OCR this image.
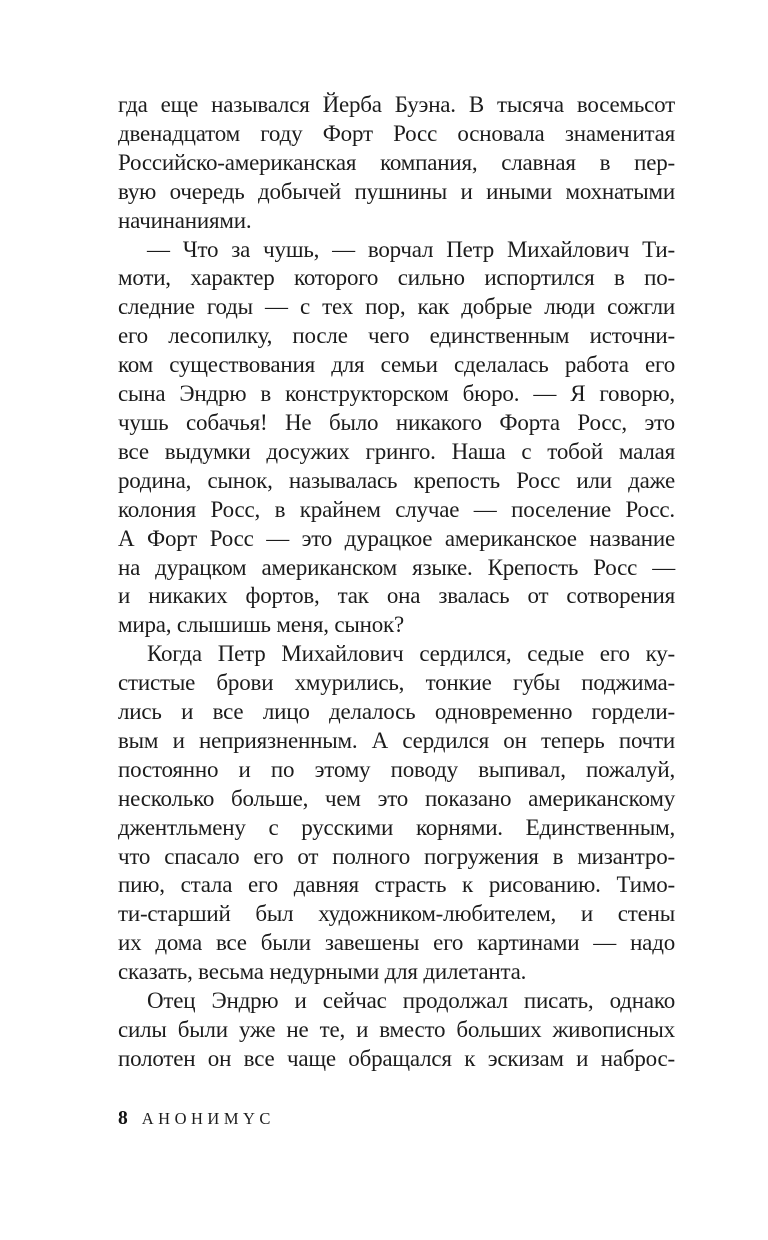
гда еще назывался Йерба Буэна. В тысяча восемьсот
двенадцатом году Форт Росс основала знаменитая
Российско-американская компания, славная в пер-
вую очередь добычей пушнины и иными мохнатыми
начинаниями.
— Что за чушь, — ворчал Петр Михайлович Ти-
моти, характер которого сильно испортился в по-
следние годы — с тех пор, как добрые люди сожгли
его лесопилку, после чего единственным источни-
ком существования для семьи сделалась работа его
сына Эндрю в конструкторском бюро. — Я говорю,
чушь собачья! Не было никакого Форта Росс, это
все выдумки досужих гринго. Наша с тобой малая
родина, сынок, называлась крепость Росс или даже
колония Росс, в крайнем случае — поселение Росс.
А Форт Росс — это дурацкое американское название
на дурацком американском языке. Крепость Росс —
и никаких фортов, так она звалась от сотворения
мира, слышишь меня, сынок?
Когда Петр Михайлович сердился, седые его ку-
стистые брови хмурились, тонкие губы поджима-
лись и все лицо делалось одновременно гордели-
вым и неприязненным. А сердился он теперь почти
постоянно и по этому поводу выпивал, пожалуй,
несколько больше, чем это показано американскому
джентльмену с русскими корнями. Единственным,
что спасало его от полного погружения в мизантро-
пию, стала его давняя страсть к рисованию. Тимо-
ти-старший был художником-любителем, и стены
их дома все были завешены его картинами — надо
сказать, весьма недурными для дилетанта.
Отец Эндрю и сейчас продолжал писать, однако
силы были уже не те, и вместо больших живописных
полотен он все чаще обращался к эскизам и наброс-
8 АНОНИМYС
